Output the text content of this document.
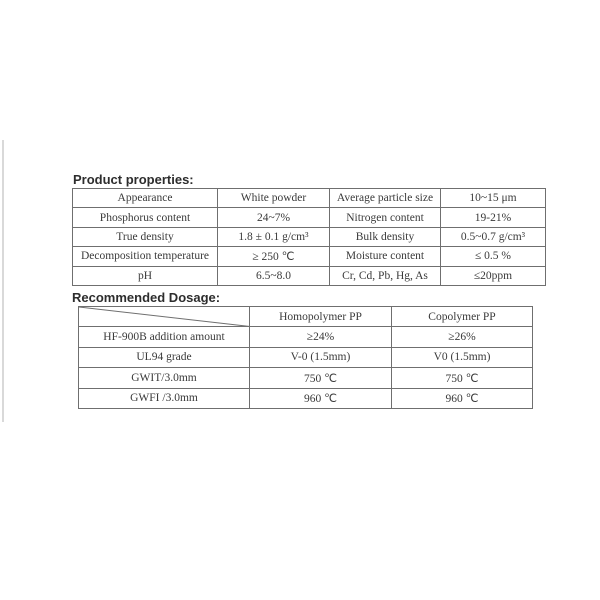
Product properties:
Appearance	White powder	Average particle size	10~15 μm
Phosphorus content	24~7%	Nitrogen content	19-21%
True density	1.8 ± 0.1 g/cm³	Bulk density	0.5~0.7 g/cm³
Decomposition temperature	≥ 250 ℃	Moisture content	≤ 0.5 %
pH	6.5~8.0	Cr, Cd, Pb, Hg, As	≤20ppm
Recommended Dosage:
	Homopolymer PP	Copolymer PP
HF-900B addition amount	≥24%	≥26%
UL94 grade	V-0 (1.5mm)	V0 (1.5mm)
GWIT/3.0mm	750 ℃	750 ℃
GWFI /3.0mm	960 ℃	960 ℃
